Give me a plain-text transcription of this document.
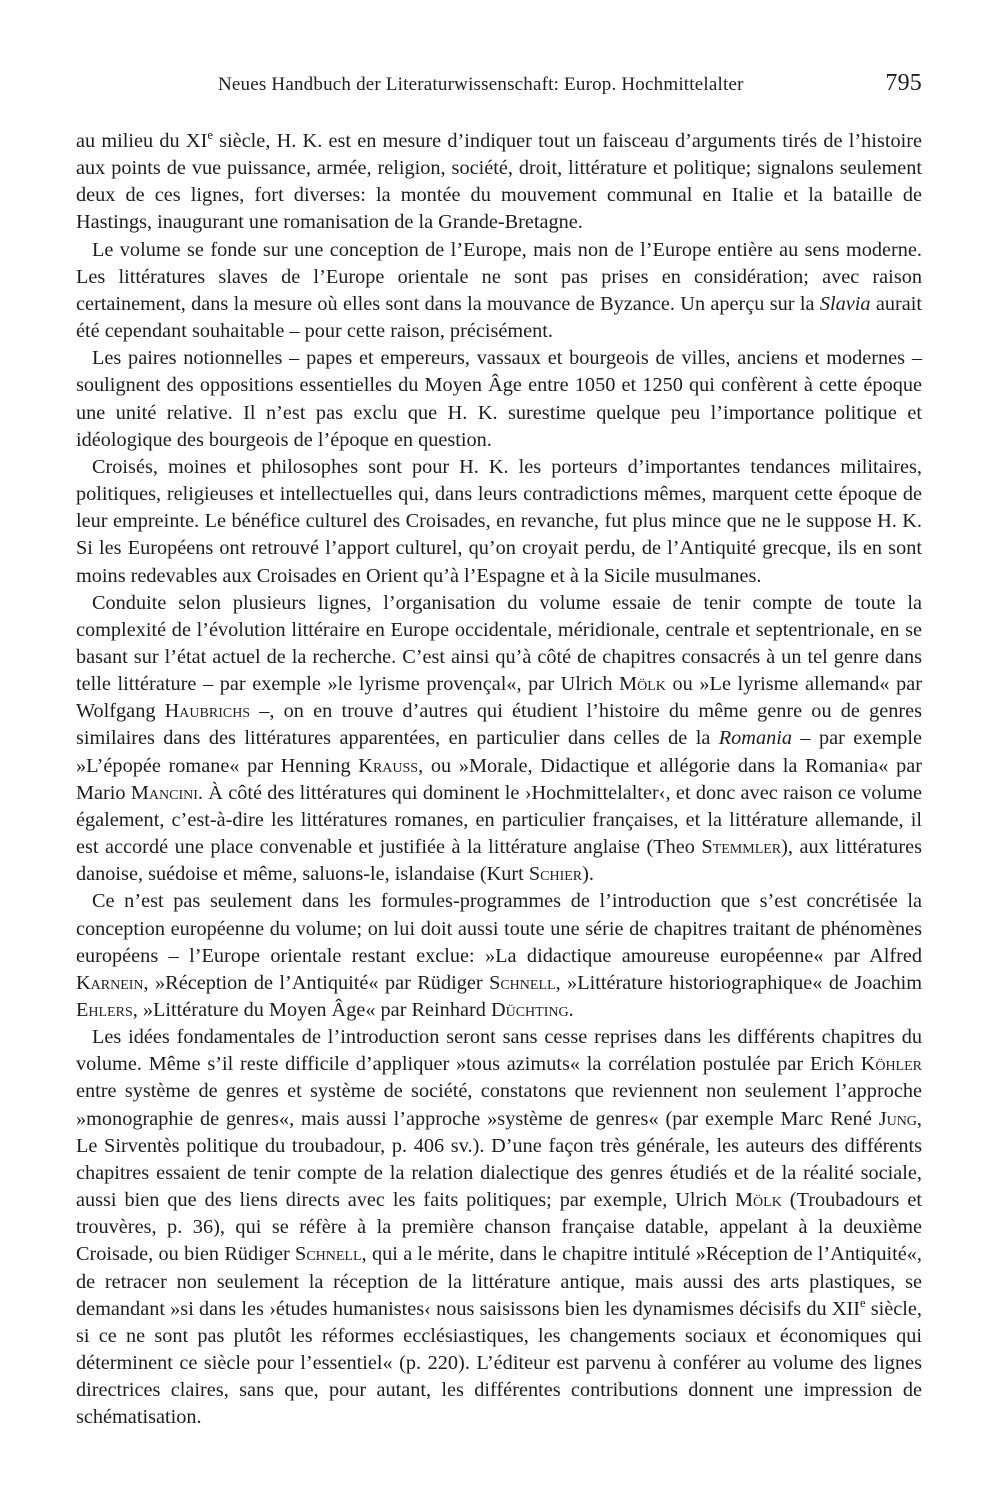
Neues Handbuch der Literaturwissenschaft: Europ. Hochmittelalter	795

au milieu du XIe siècle, H. K. est en mesure d’indiquer tout un faisceau d’arguments tirés de l’histoire aux points de vue puissance, armée, religion, société, droit, littérature et politique; signalons seulement deux de ces lignes, fort diverses: la montée du mouvement communal en Italie et la bataille de Hastings, inaugurant une romanisation de la Grande-Bretagne.

Le volume se fonde sur une conception de l’Europe, mais non de l’Europe entière au sens moderne. Les littératures slaves de l’Europe orientale ne sont pas prises en considération; avec raison certainement, dans la mesure où elles sont dans la mouvance de Byzance. Un aperçu sur la Slavia aurait été cependant souhaitable – pour cette raison, précisément.

Les paires notionnelles – papes et empereurs, vassaux et bourgeois de villes, anciens et modernes – soulignent des oppositions essentielles du Moyen Âge entre 1050 et 1250 qui confèrent à cette époque une unité relative. Il n’est pas exclu que H. K. surestime quelque peu l’importance politique et idéologique des bourgeois de l’époque en question.

Croisés, moines et philosophes sont pour H. K. les porteurs d’importantes tendances militaires, politiques, religieuses et intellectuelles qui, dans leurs contradictions mêmes, marquent cette époque de leur empreinte. Le bénéfice culturel des Croisades, en revanche, fut plus mince que ne le suppose H. K. Si les Européens ont retrouvé l’apport culturel, qu’on croyait perdu, de l’Antiquité grecque, ils en sont moins redevables aux Croisades en Orient qu’à l’Espagne et à la Sicile musulmanes.

Conduite selon plusieurs lignes, l’organisation du volume essaie de tenir compte de toute la complexité de l’évolution littéraire en Europe occidentale, méridionale, centrale et septentrionale, en se basant sur l’état actuel de la recherche. C’est ainsi qu’à côté de chapitres consacrés à un tel genre dans telle littérature – par exemple »le lyrisme provençal«, par Ulrich Mölk ou »Le lyrisme allemand« par Wolfgang Haubrichs –, on en trouve d’autres qui étudient l’histoire du même genre ou de genres similaires dans des littératures apparentées, en particulier dans celles de la Romania – par exemple »L’épopée romane« par Henning Krauss, ou »Morale, Didactique et allégorie dans la Romania« par Mario Mancini. À côté des littératures qui dominent le ›Hochmittelalter‹, et donc avec raison ce volume également, c’est-à-dire les littératures romanes, en particulier françaises, et la littérature allemande, il est accordé une place convenable et justifiée à la littérature anglaise (Theo Stemmler), aux littératures danoise, suédoise et même, saluons-le, islandaise (Kurt Schier).

Ce n’est pas seulement dans les formules-programmes de l’introduction que s’est concrétisée la conception européenne du volume; on lui doit aussi toute une série de chapitres traitant de phénomènes européens – l’Europe orientale restant exclue: »La didactique amoureuse européenne« par Alfred Karnein, »Réception de l’Antiquité« par Rüdiger Schnell, »Littérature historiographique« de Joachim Ehlers, »Littérature du Moyen Âge« par Reinhard Düchting.

Les idées fondamentales de l’introduction seront sans cesse reprises dans les différents chapitres du volume. Même s’il reste difficile d’appliquer »tous azimuts« la corrélation postulée par Erich Köhler entre système de genres et système de société, constatons que reviennent non seulement l’approche »monographie de genres«, mais aussi l’approche »système de genres« (par exemple Marc René Jung, Le Sirventès politique du troubadour, p. 406 sv.). D’une façon très générale, les auteurs des différents chapitres essaient de tenir compte de la relation dialectique des genres étudiés et de la réalité sociale, aussi bien que des liens directs avec les faits politiques; par exemple, Ulrich Mölk (Troubadours et trouvères, p. 36), qui se réfère à la première chanson française datable, appelant à la deuxième Croisade, ou bien Rüdiger Schnell, qui a le mérite, dans le chapitre intitulé »Réception de l’Antiquité«, de retracer non seulement la réception de la littérature antique, mais aussi des arts plastiques, se demandant »si dans les ›études humanistes‹ nous saisissons bien les dynamismes décisifs du XIIe siècle, si ce ne sont pas plutôt les réformes ecclésiastiques, les changements sociaux et économiques qui déterminent ce siècle pour l’essentiel« (p. 220). L’éditeur est parvenu à conférer au volume des lignes directrices claires, sans que, pour autant, les différentes contributions donnent une impression de schématisation.
